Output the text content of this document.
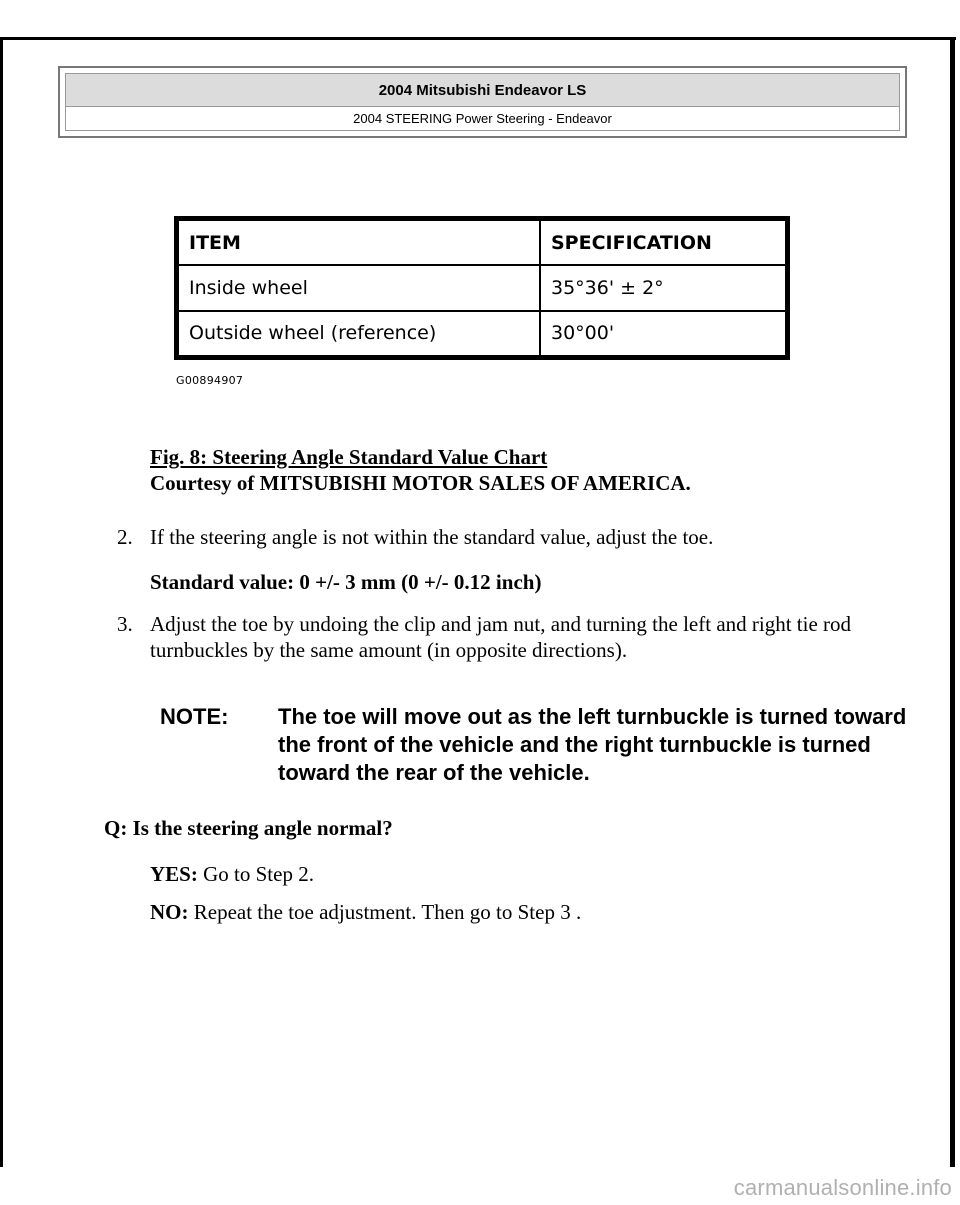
2004 Mitsubishi Endeavor LS
2004 STEERING Power Steering - Endeavor
ITEM	SPECIFICATION
Inside wheel	35°36' ± 2°
Outside wheel (reference)	30°00'
G00894907
Fig. 8: Steering Angle Standard Value Chart
Courtesy of MITSUBISHI MOTOR SALES OF AMERICA.
2. If the steering angle is not within the standard value, adjust the toe.
Standard value: 0 +/- 3 mm (0 +/- 0.12 inch)
3. Adjust the toe by undoing the clip and jam nut, and turning the left and right tie rod turnbuckles by the same amount (in opposite directions).
NOTE: The toe will move out as the left turnbuckle is turned toward the front of the vehicle and the right turnbuckle is turned toward the rear of the vehicle.
Q: Is the steering angle normal?
YES: Go to Step 2.
NO: Repeat the toe adjustment. Then go to Step 3 .
carmanualsonline.info
